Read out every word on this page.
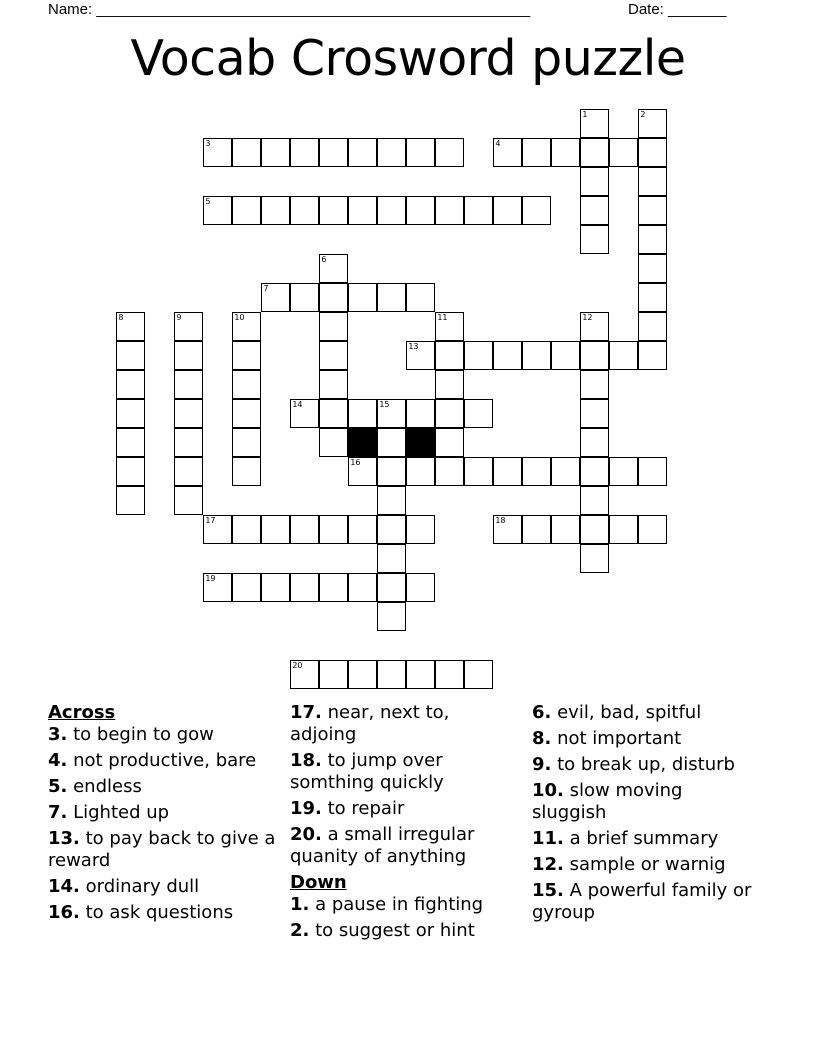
Name: ____________________________________________________	Date: _______
Vocab Crosword puzzle
1	2
3	4
5
6
7
8	9	10	11	12
13
14	15
16
17	18
19
20
Across
3. to begin to gow
4. not productive, bare
5. endless
7. Lighted up
13. to pay back to give a reward
14. ordinary dull
16. to ask questions
17. near, next to, adjoing
18. to jump over somthing quickly
19. to repair
20. a small irregular quanity of anything
Down
1. a pause in fighting
2. to suggest or hint
6. evil, bad, spitful
8. not important
9. to break up, disturb
10. slow moving sluggish
11. a brief summary
12. sample or warnig
15. A powerful family or gyroup
